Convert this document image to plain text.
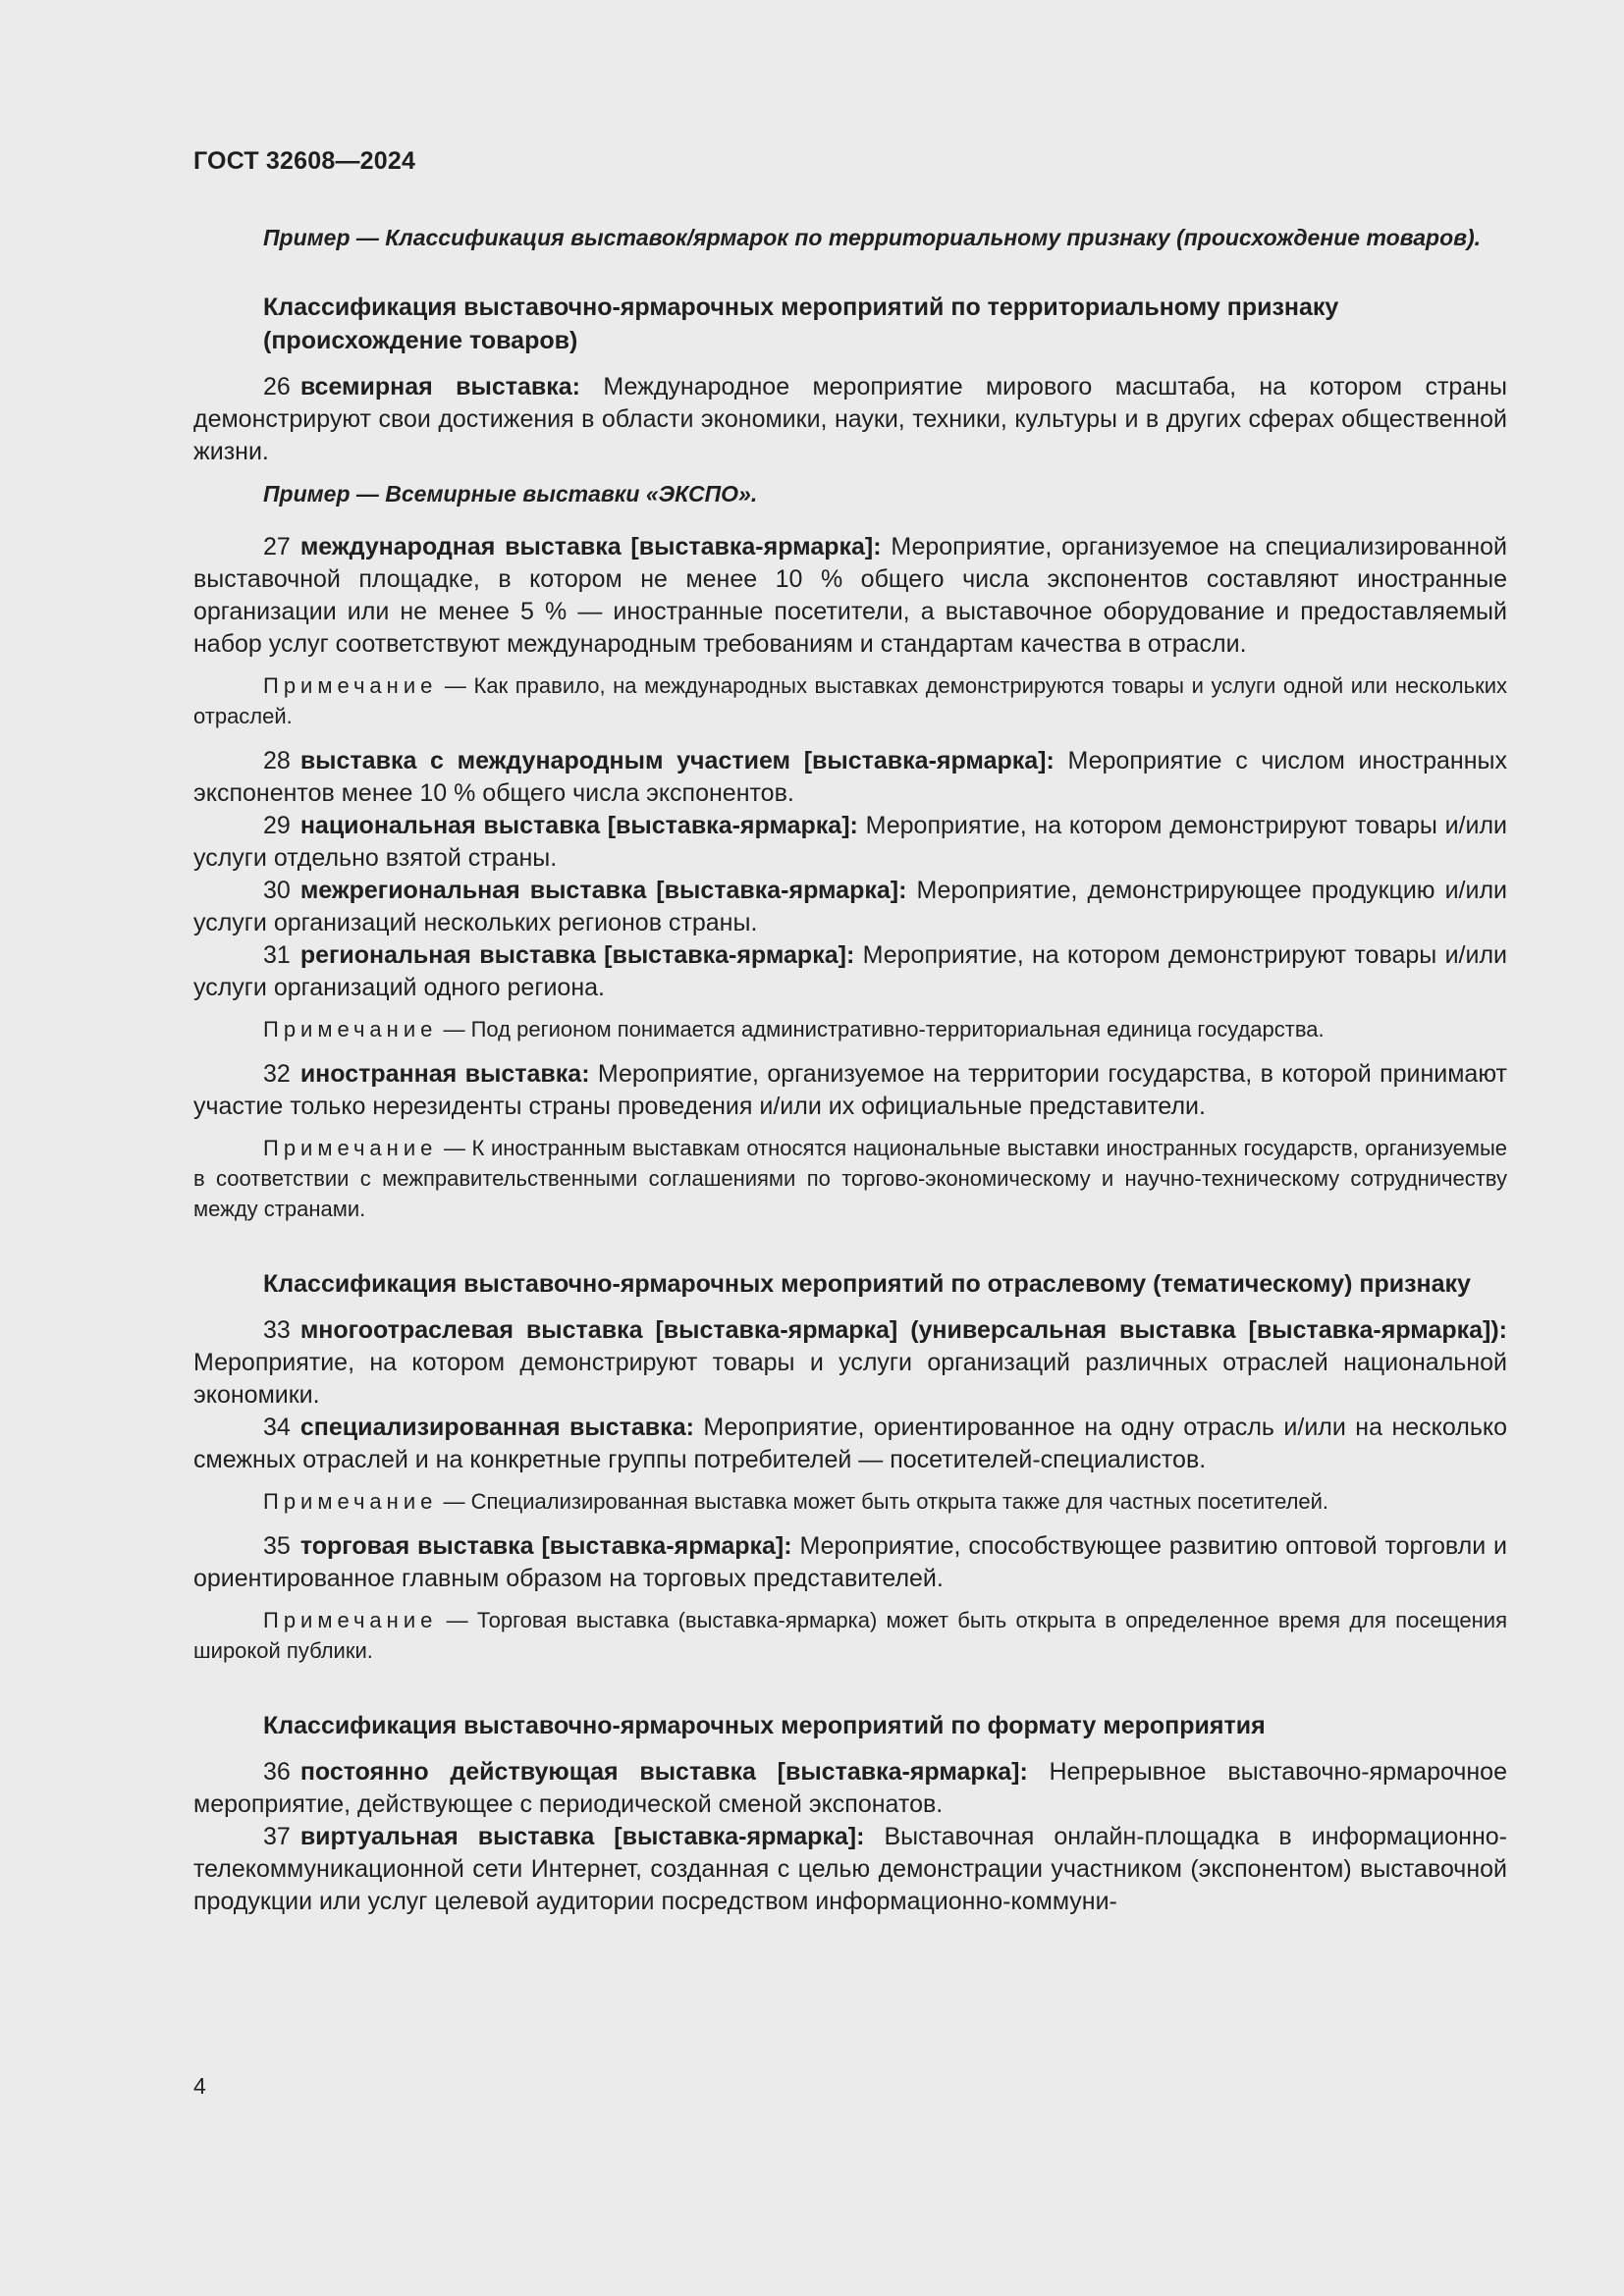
ГОСТ 32608—2024

Пример — Классификация выставок/ярмарок по территориальному признаку (происхождение товаров).

Классификация выставочно-ярмарочных мероприятий по территориальному признаку (происхождение товаров)

26 всемирная выставка: Международное мероприятие мирового масштаба, на котором страны демонстрируют свои достижения в области экономики, науки, техники, культуры и в других сферах общественной жизни.

Пример — Всемирные выставки «ЭКСПО».

27 международная выставка [выставка-ярмарка]: Мероприятие, организуемое на специализированной выставочной площадке, в котором не менее 10 % общего числа экспонентов составляют иностранные организации или не менее 5 % — иностранные посетители, а выставочное оборудование и предоставляемый набор услуг соответствуют международным требованиям и стандартам качества в отрасли.

Примечание — Как правило, на международных выставках демонстрируются товары и услуги одной или нескольких отраслей.

28 выставка с международным участием [выставка-ярмарка]: Мероприятие с числом иностранных экспонентов менее 10 % общего числа экспонентов.

29 национальная выставка [выставка-ярмарка]: Мероприятие, на котором демонстрируют товары и/или услуги отдельно взятой страны.

30 межрегиональная выставка [выставка-ярмарка]: Мероприятие, демонстрирующее продукцию и/или услуги организаций нескольких регионов страны.

31 региональная выставка [выставка-ярмарка]: Мероприятие, на котором демонстрируют товары и/или услуги организаций одного региона.

Примечание — Под регионом понимается административно-территориальная единица государства.

32 иностранная выставка: Мероприятие, организуемое на территории государства, в которой принимают участие только нерезиденты страны проведения и/или их официальные представители.

Примечание — К иностранным выставкам относятся национальные выставки иностранных государств, организуемые в соответствии с межправительственными соглашениями по торгово-экономическому и научно-техническому сотрудничеству между странами.

Классификация выставочно-ярмарочных мероприятий по отраслевому (тематическому) признаку

33 многоотраслевая выставка [выставка-ярмарка] (универсальная выставка [выставка-ярмарка]): Мероприятие, на котором демонстрируют товары и услуги организаций различных отраслей национальной экономики.

34 специализированная выставка: Мероприятие, ориентированное на одну отрасль и/или на несколько смежных отраслей и на конкретные группы потребителей — посетителей-специалистов.

Примечание — Специализированная выставка может быть открыта также для частных посетителей.

35 торговая выставка [выставка-ярмарка]: Мероприятие, способствующее развитию оптовой торговли и ориентированное главным образом на торговых представителей.

Примечание — Торговая выставка (выставка-ярмарка) может быть открыта в определенное время для посещения широкой публики.

Классификация выставочно-ярмарочных мероприятий по формату мероприятия

36 постоянно действующая выставка [выставка-ярмарка]: Непрерывное выставочно-ярмарочное мероприятие, действующее с периодической сменой экспонатов.

37 виртуальная выставка [выставка-ярмарка]: Выставочная онлайн-площадка в информационно-телекоммуникационной сети Интернет, созданная с целью демонстрации участником (экспонентом) выставочной продукции или услуг целевой аудитории посредством информационно-коммуни-

4
